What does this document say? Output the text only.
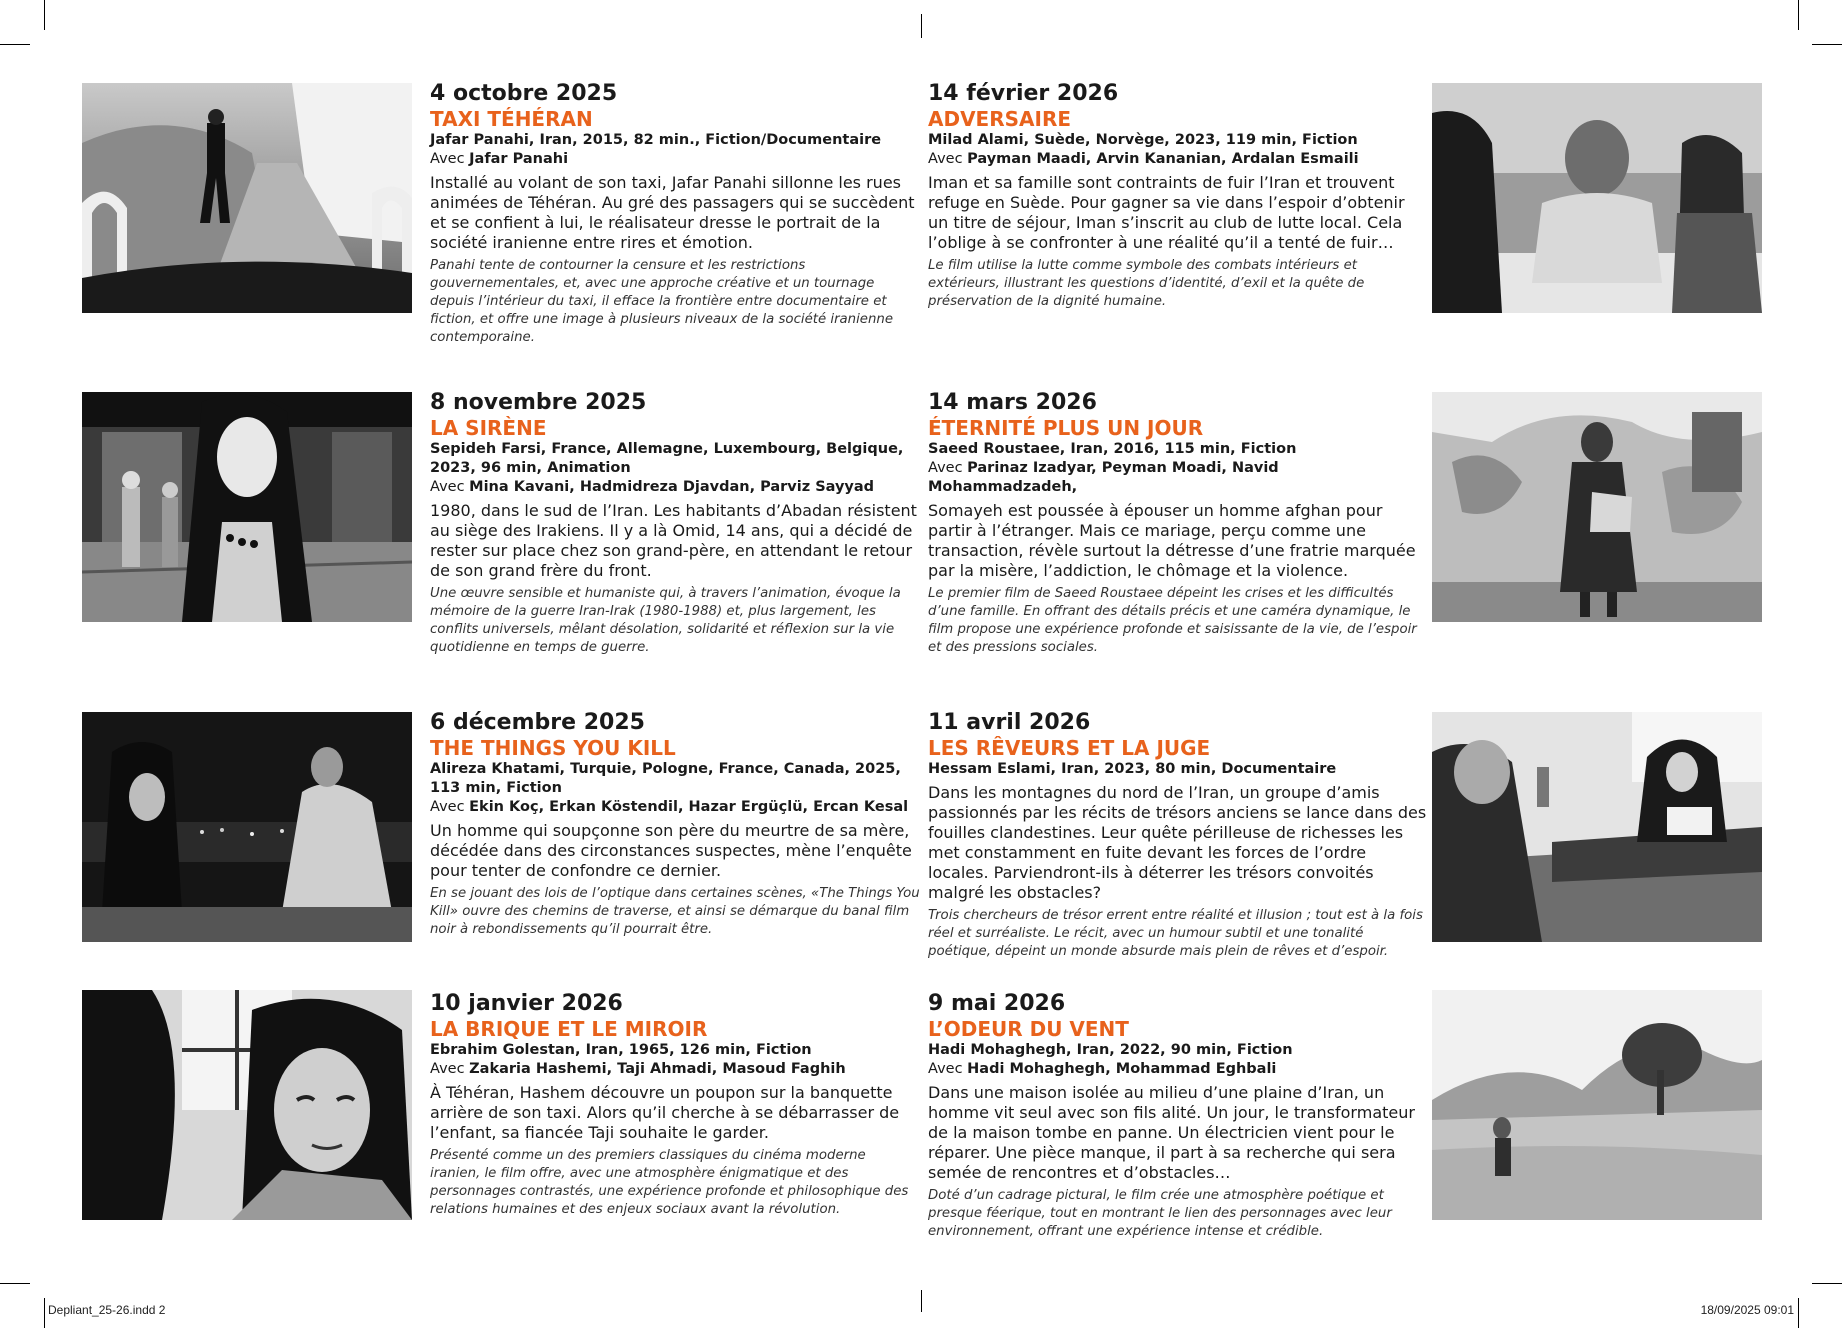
4 octobre 2025
TAXI TÉHÉRAN
Jafar Panahi, Iran, 2015, 82 min., Fiction/Documentaire
Avec Jafar Panahi
Installé au volant de son taxi, Jafar Panahi sillonne les rues animées de Téhéran. Au gré des passagers qui se succèdent et se confient à lui, le réalisateur dresse le portrait de la société iranienne entre rires et émotion.
Panahi tente de contourner la censure et les restrictions gouvernementales, et, avec une approche créative et un tournage depuis l’intérieur du taxi, il efface la frontière entre documentaire et fiction, et offre une image à plusieurs niveaux de la société iranienne contemporaine.
8 novembre 2025
LA SIRÈNE
Sepideh Farsi, France, Allemagne, Luxembourg, Belgique, 2023, 96 min, Animation
Avec Mina Kavani, Hadmidreza Djavdan, Parviz Sayyad
1980, dans le sud de l’Iran. Les habitants d’Abadan résistent au siège des Irakiens. Il y a là Omid, 14 ans, qui a décidé de rester sur place chez son grand-père, en attendant le retour de son grand frère du front.
Une œuvre sensible et humaniste qui, à travers l’animation, évoque la mémoire de la guerre Iran-Irak (1980-1988) et, plus largement, les conflits universels, mêlant désolation, solidarité et réflexion sur la vie quotidienne en temps de guerre.
6 décembre 2025
THE THINGS YOU KILL
Alireza Khatami, Turquie, Pologne, France, Canada, 2025, 113 min, Fiction
Avec Ekin Koç, Erkan Köstendil, Hazar Ergüçlü, Ercan Kesal
Un homme qui soupçonne son père du meurtre de sa mère, décédée dans des circonstances suspectes, mène l’enquête pour tenter de confondre ce dernier.
En se jouant des lois de l’optique dans certaines scènes, «The Things You Kill» ouvre des chemins de traverse, et ainsi se démarque du banal film noir à rebondissements qu’il pourrait être.
10 janvier 2026
LA BRIQUE ET LE MIROIR
Ebrahim Golestan, Iran, 1965, 126 min, Fiction
Avec Zakaria Hashemi, Taji Ahmadi, Masoud Faghih
À Téhéran, Hashem découvre un poupon sur la banquette arrière de son taxi. Alors qu’il cherche à se débarrasser de l’enfant, sa fiancée Taji souhaite le garder.
Présenté comme un des premiers classiques du cinéma moderne iranien, le film offre, avec une atmosphère énigmatique et des personnages contrastés, une expérience profonde et philosophique des relations humaines et des enjeux sociaux avant la révolution.
14 février 2026
ADVERSAIRE
Milad Alami, Suède, Norvège, 2023, 119 min, Fiction
Avec Payman Maadi, Arvin Kananian, Ardalan Esmaili
Iman et sa famille sont contraints de fuir l’Iran et trouvent refuge en Suède. Pour gagner sa vie dans l’espoir d’obtenir un titre de séjour, Iman s’inscrit au club de lutte local. Cela l’oblige à se confronter à une réalité qu’il a tenté de fuir…
Le film utilise la lutte comme symbole des combats intérieurs et extérieurs, illustrant les questions d’identité, d’exil et la quête de préservation de la dignité humaine.
14 mars 2026
ÉTERNITÉ PLUS UN JOUR
Saeed Roustaee, Iran, 2016, 115 min, Fiction
Avec Parinaz Izadyar, Peyman Moadi, Navid Mohammadzadeh,
Somayeh est poussée à épouser un homme afghan pour partir à l’étranger. Mais ce mariage, perçu comme une transaction, révèle surtout la détresse d’une fratrie marquée par la misère, l’addiction, le chômage et la violence.
Le premier film de Saeed Roustaee dépeint les crises et les difficultés d’une famille. En offrant des détails précis et une caméra dynamique, le film propose une expérience profonde et saisissante de la vie, de l’espoir et des pressions sociales.
11 avril 2026
LES RÊVEURS ET LA JUGE
Hessam Eslami, Iran, 2023, 80 min, Documentaire
Dans les montagnes du nord de l’Iran, un groupe d’amis passionnés par les récits de trésors anciens se lance dans des fouilles clandestines. Leur quête périlleuse de richesses les met constamment en fuite devant les forces de l’ordre locales. Parviendront-ils à déterrer les trésors convoités malgré les obstacles?
Trois chercheurs de trésor errent entre réalité et illusion ; tout est à la fois réel et surréaliste. Le récit, avec un humour subtil et une tonalité poétique, dépeint un monde absurde mais plein de rêves et d’espoir.
9 mai 2026
L’ODEUR DU VENT
Hadi Mohaghegh, Iran, 2022, 90 min, Fiction
Avec Hadi Mohaghegh, Mohammad Eghbali
Dans une maison isolée au milieu d’une plaine d’Iran, un homme vit seul avec son fils alité. Un jour, le transformateur de la maison tombe en panne. Un électricien vient pour le réparer. Une pièce manque, il part à sa recherche qui sera semée de rencontres et d’obstacles…
Doté d’un cadrage pictural, le film crée une atmosphère poétique et presque féerique, tout en montrant le lien des personnages avec leur environnement, offrant une expérience intense et crédible.
Depliant_25-26.indd 2	18/09/2025 09:01
